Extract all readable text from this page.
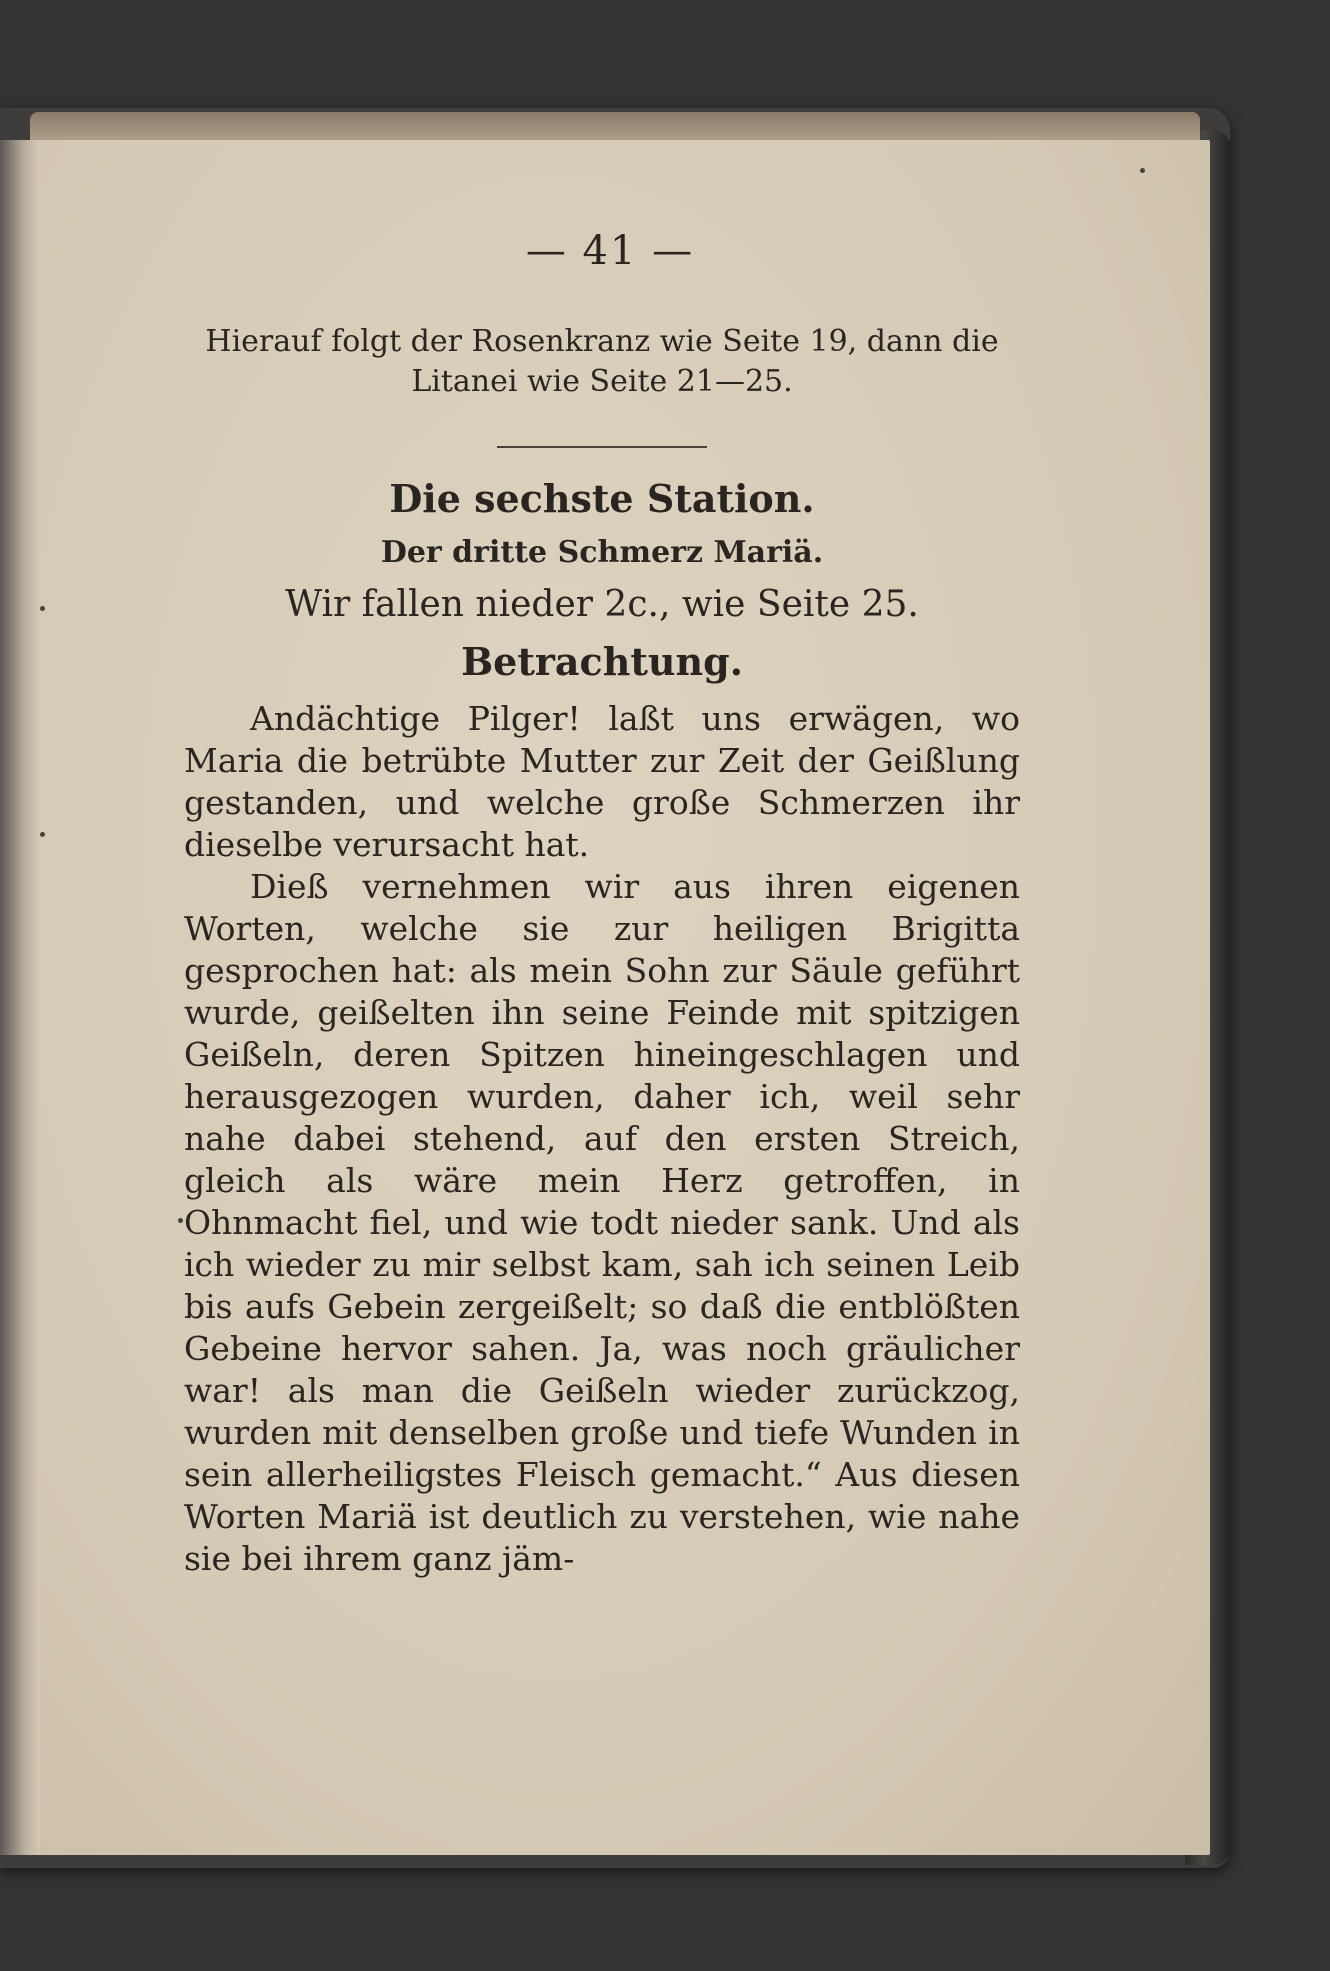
— 41 —
Hierauf folgt der Rosenkranz wie Seite 19, dann die Litanei wie Seite 21—25.
Die sechste Station.
Der dritte Schmerz Mariä.
Wir fallen nieder 2c., wie Seite 25.
Betrachtung.

Andächtige Pilger! laßt uns erwägen, wo Maria die betrübte Mutter zur Zeit der Geißlung gestanden, und welche große Schmerzen ihr dieselbe verursacht hat.

Dieß vernehmen wir aus ihren eigenen Worten, welche sie zur heiligen Brigitta gesprochen hat: als mein Sohn zur Säule geführt wurde, geißelten ihn seine Feinde mit spitzigen Geißeln, deren Spitzen hineingeschlagen und herausgezogen wurden, daher ich, weil sehr nahe dabei stehend, auf den ersten Streich, gleich als wäre mein Herz getroffen, in Ohnmacht fiel, und wie todt nieder sank. Und als ich wieder zu mir selbst kam, sah ich seinen Leib bis aufs Gebein zergeißelt; so daß die entblößten Gebeine hervor sahen. Ja, was noch gräulicher war! als man die Geißeln wieder zurückzog, wurden mit denselben große und tiefe Wunden in sein allerheiligstes Fleisch gemacht.“ Aus diesen Worten Mariä ist deutlich zu verstehen, wie nahe sie bei ihrem ganz jäm-
